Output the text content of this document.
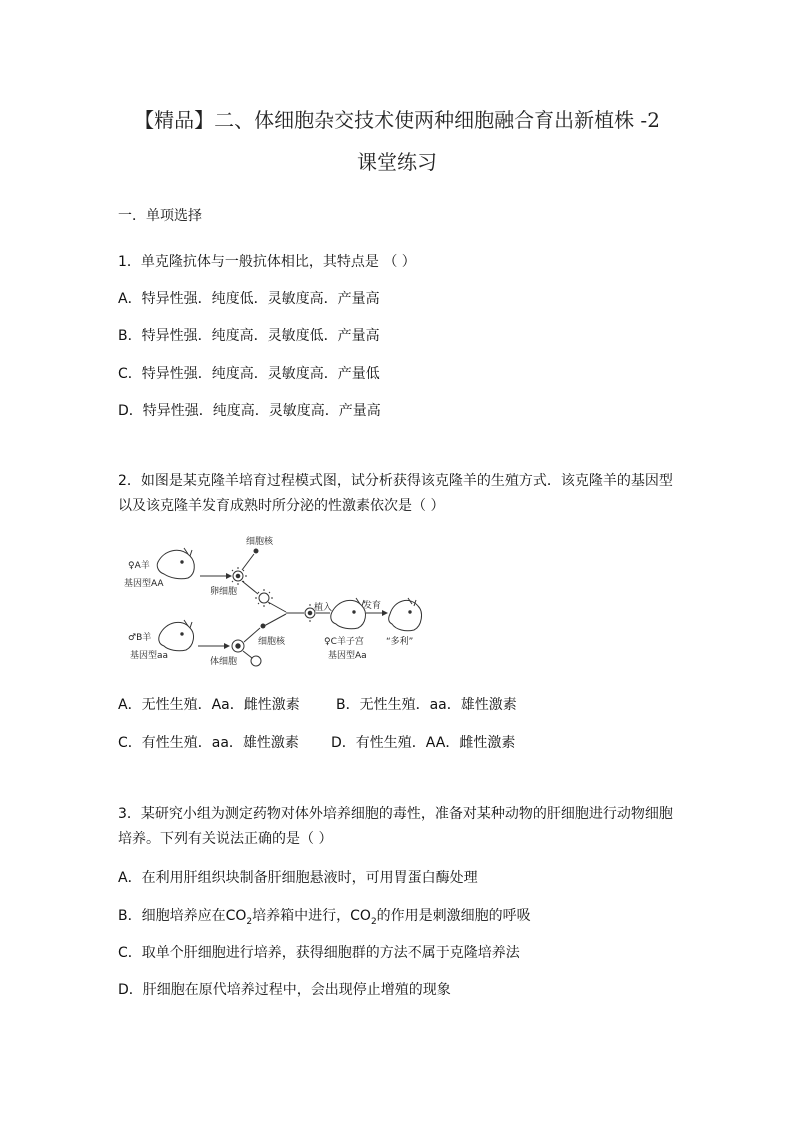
【精品】二、体细胞杂交技术使两种细胞融合育出新植株 -2
课堂练习
一．单项选择
1．单克隆抗体与一般抗体相比，其特点是 （ ）
A．特异性强．纯度低．灵敏度高．产量高
B．特异性强．纯度高．灵敏度低．产量高
C．特异性强．纯度高．灵敏度高．产量低
D．特异性强．纯度高．灵敏度高．产量高
2．如图是某克隆羊培育过程模式图，试分析获得该克隆羊的生殖方式．该克隆羊的基因型以及该克隆羊发育成熟时所分泌的性激素依次是（ ）
♀A羊
基因型AA
卵细胞
细胞核
植入	发育
♀C羊子宫
基因型Aa
“多利”
♂B羊
基因型aa
体细胞
细胞核
A．无性生殖．Aa．雌性激素	B．无性生殖．aa．雄性激素
C．有性生殖．aa．雄性激素 D．有性生殖．AA．雌性激素
3．某研究小组为测定药物对体外培养细胞的毒性，准备对某种动物的肝细胞进行动物细胞培养。下列有关说法正确的是（ ）
A．在利用肝组织块制备肝细胞悬液时，可用胃蛋白酶处理
B．细胞培养应在$CO_2$培养箱中进行，$CO_2$的作用是刺激细胞的呼吸
C．取单个肝细胞进行培养，获得细胞群的方法不属于克隆培养法
D．肝细胞在原代培养过程中，会出现停止增殖的现象
